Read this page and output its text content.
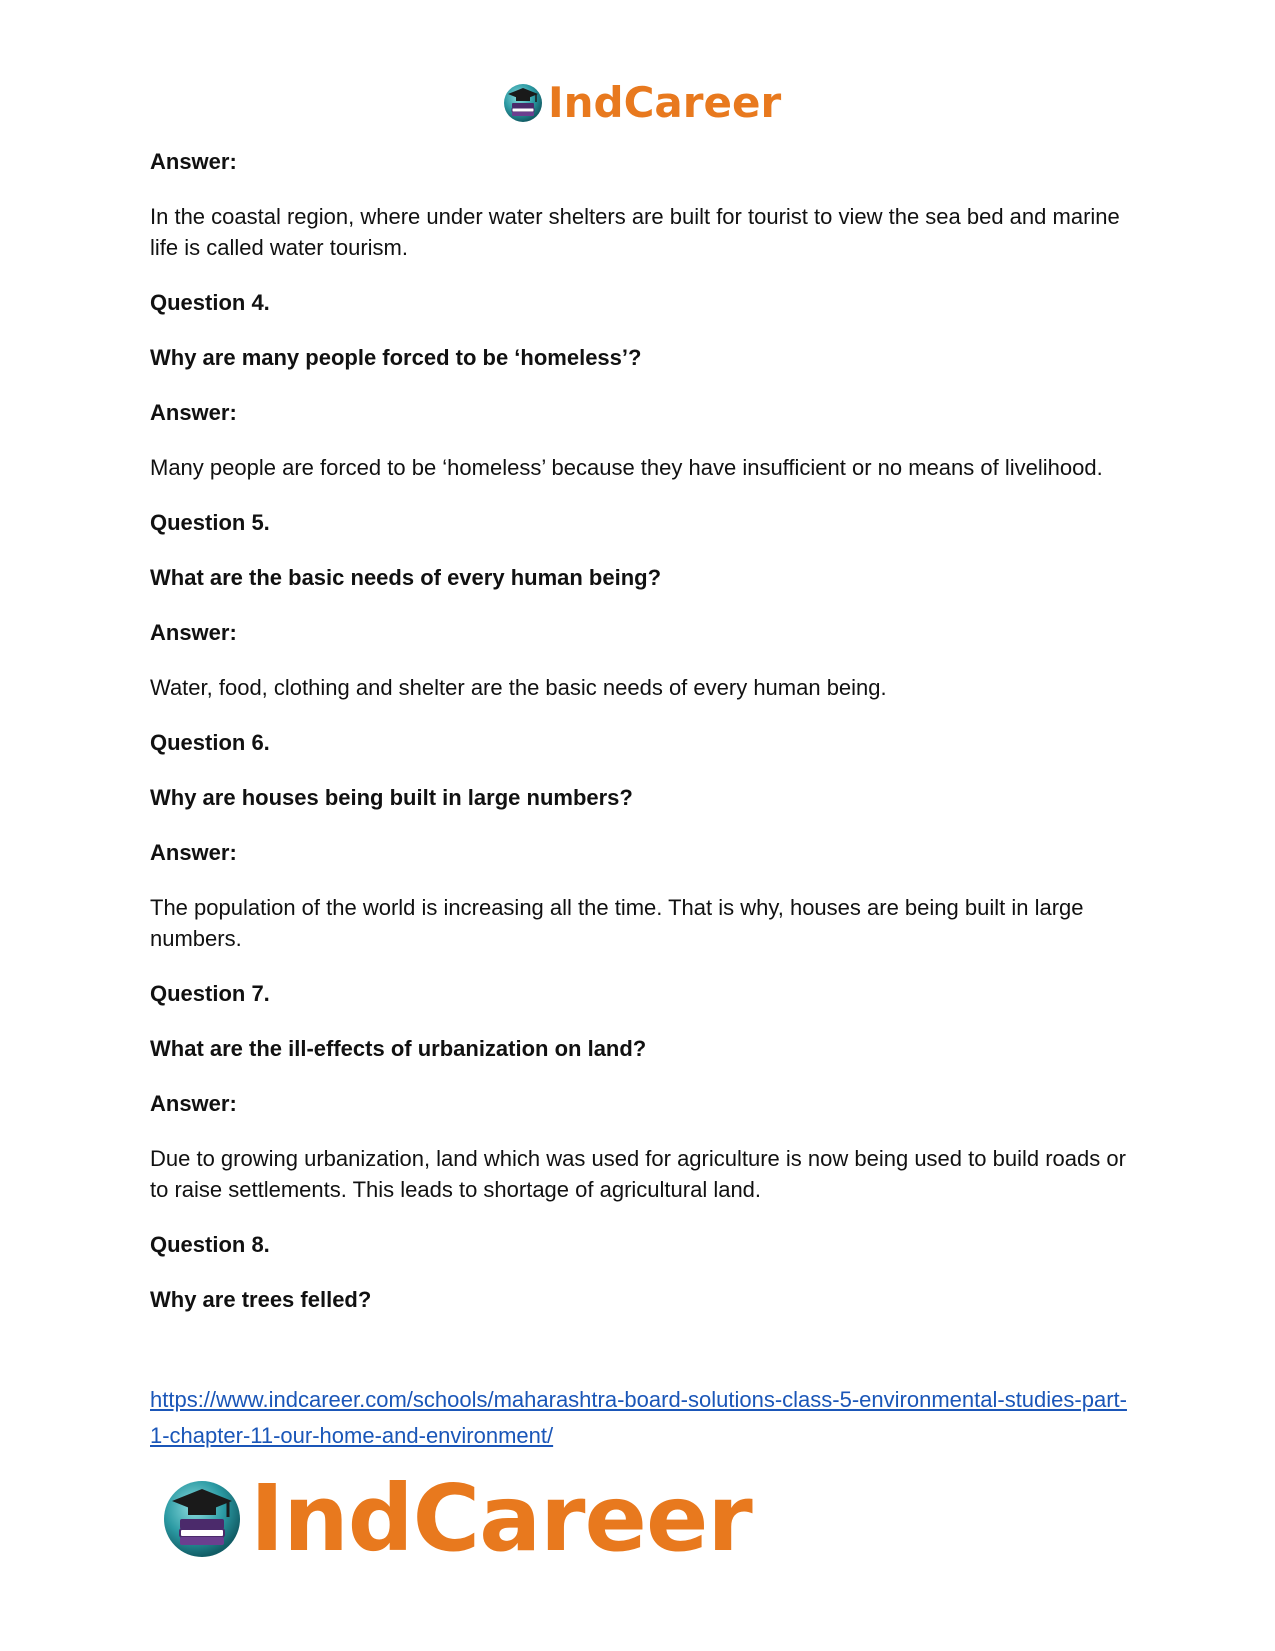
IndCareer

Answer:

In the coastal region, where under water shelters are built for tourist to view the sea bed and marine life is called water tourism.

Question 4.

Why are many people forced to be ‘homeless’?

Answer:

Many people are forced to be ‘homeless’ because they have insufficient or no means of livelihood.

Question 5.

What are the basic needs of every human being?

Answer:

Water, food, clothing and shelter are the basic needs of every human being.

Question 6.

Why are houses being built in large numbers?

Answer:

The population of the world is increasing all the time. That is why, houses are being built in large numbers.

Question 7.

What are the ill-effects of urbanization on land?

Answer:

Due to growing urbanization, land which was used for agriculture is now being used to build roads or to raise settlements. This leads to shortage of agricultural land.

Question 8.

Why are trees felled?

https://www.indcareer.com/schools/maharashtra-board-solutions-class-5-environmental-studies-part-1-chapter-11-our-home-and-environment/
IndCareer
